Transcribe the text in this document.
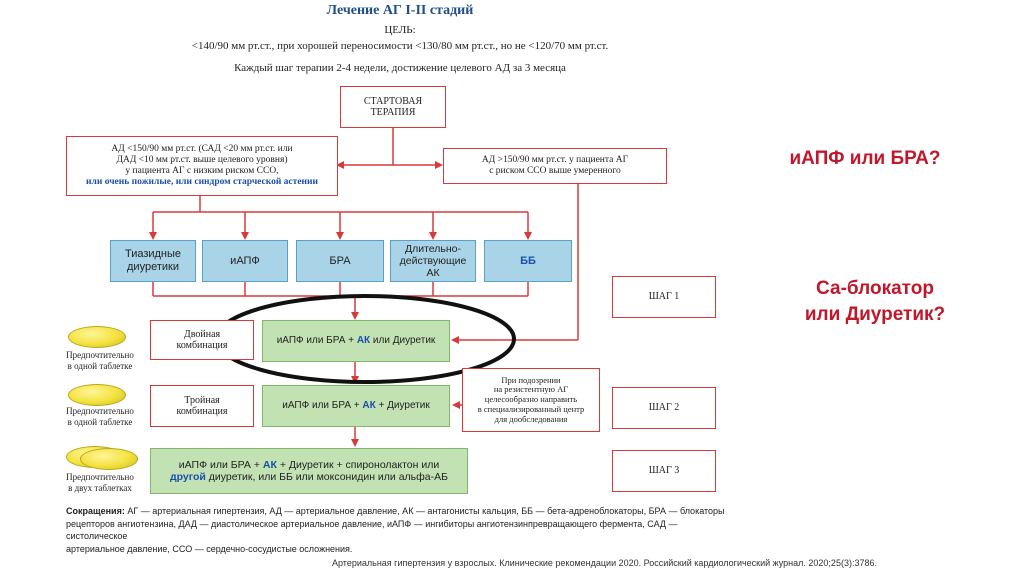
Лечение АГ I-II стадий
ЦЕЛЬ:
<140/90 мм рт.ст., при хорошей переносимости <130/80 мм рт.ст., но не <120/70 мм рт.ст.
Каждый шаг терапии 2-4 недели, достижение целевого АД за 3 месяца
СТАРТОВАЯ
ТЕРАПИЯ
АД <150/90 мм рт.ст. (САД <20 мм рт.ст. или
ДАД <10 мм рт.ст. выше целевого уровня)
у пациента АГ с низким риском ССО,
или очень пожилые, или синдром старческой астении
АД >150/90 мм рт.ст. у пациента АГ
с риском ССО выше умеренного
Тиазидные
диуретики
иАПФ	БРА
Длительно-
действующие
АК
ББ
ШАГ 1
ШАГ 2
ШАГ 3
Предпочтительно
в одной таблетке
Предпочтительно
в одной таблетке
Предпочтительно
в двух таблетках
Двойная
комбинация
Тройная
комбинация
иАПФ или БРА + АК или Диуретик
иАПФ или БРА + АК + Диуретик
иАПФ или БРА + АК + Диуретик + спиронолактон или
другой диуретик, или ББ или моксонидин или альфа-АБ
При подозрении
на резистентную АГ
целесообразно направить
в специализированный центр
для дообследования
Сокращения: АГ — артериальная гипертензия, АД — артериальное давление, АК — антагонисты кальция, ББ — бета-адреноблокаторы, БРА — блокаторы
рецепторов ангиотензина, ДАД — диастолическое артериальное давление, иАПФ — ингибиторы ангиотензинпревращающего фермента, САД — систолическое
артериальное давление, ССО — сердечно-сосудистые осложнения.
иАПФ или БРА?
Са-блокатор
или Диуретик?
Артериальная гипертензия у взрослых. Клинические рекомендации 2020. Российский кардиологический журнал. 2020;25(3):3786.
